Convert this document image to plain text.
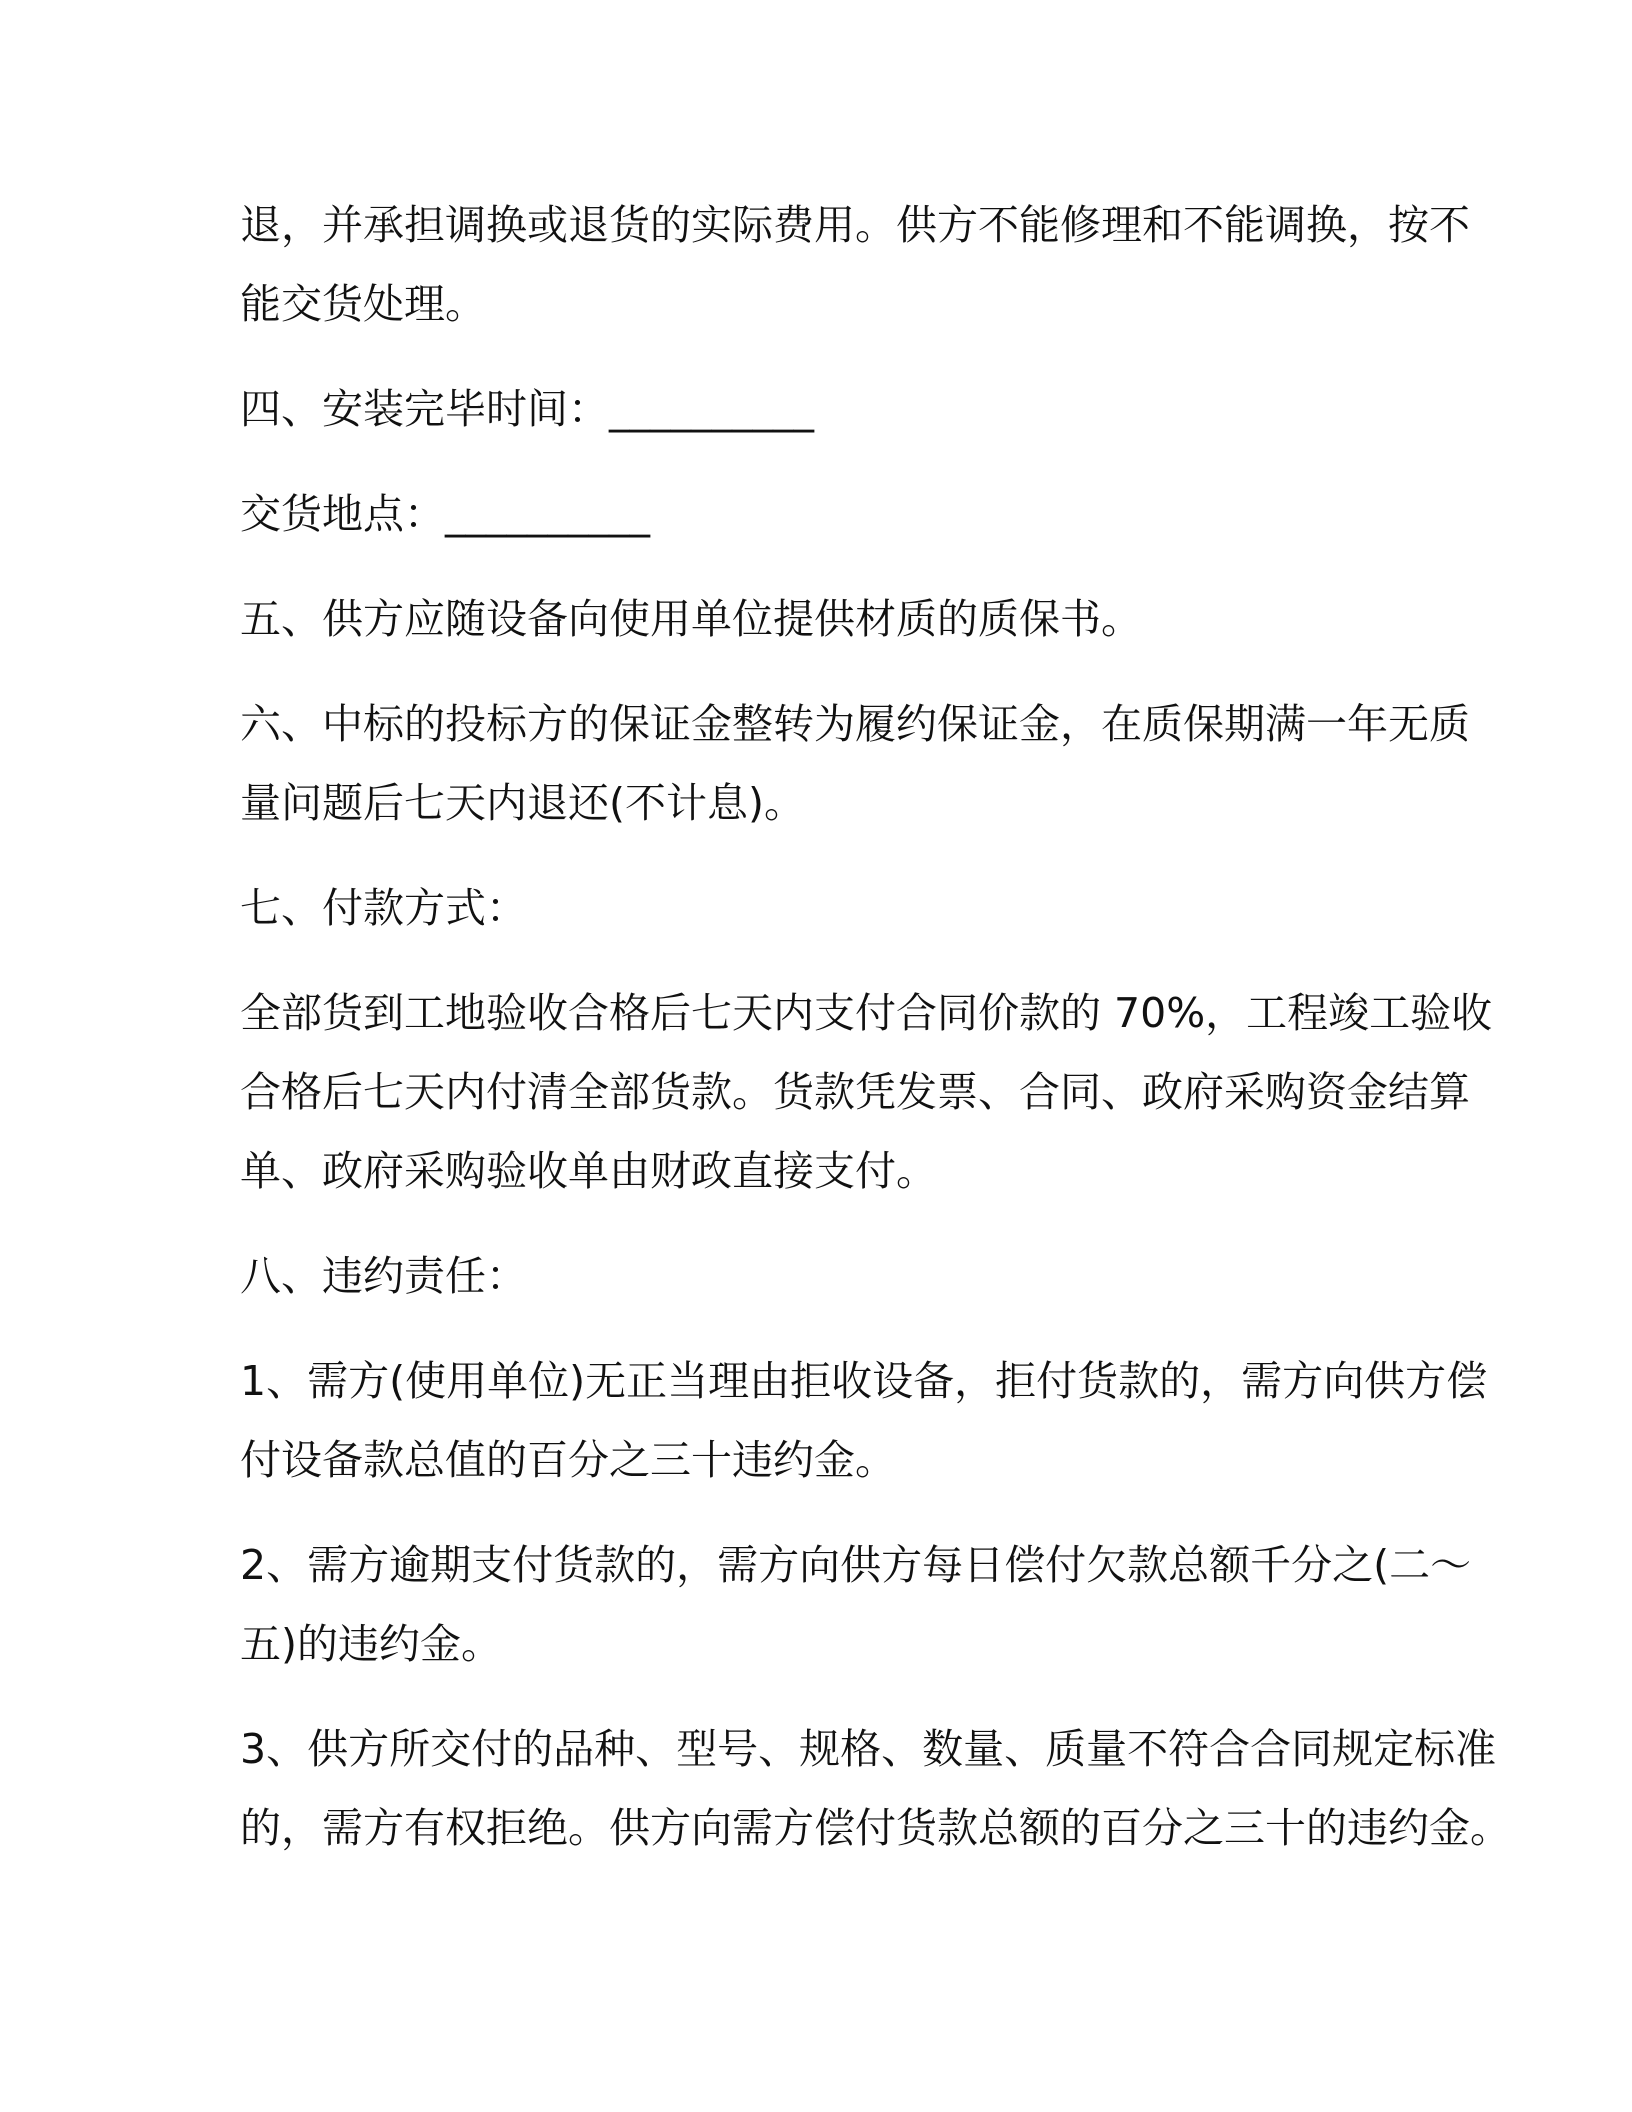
退，并承担调换或退货的实际费用。供方不能修理和不能调换，按不
能交货处理。

四、安装完毕时间：__________

交货地点：__________

五、供方应随设备向使用单位提供材质的质保书。

六、中标的投标方的保证金整转为履约保证金，在质保期满一年无质
量问题后七天内退还(不计息)。

七、付款方式：

全部货到工地验收合格后七天内支付合同价款的 70%，工程竣工验收
合格后七天内付清全部货款。货款凭发票、合同、政府采购资金结算
单、政府采购验收单由财政直接支付。

八、违约责任：

1、需方(使用单位)无正当理由拒收设备，拒付货款的，需方向供方偿
付设备款总值的百分之三十违约金。

2、需方逾期支付货款的，需方向供方每日偿付欠款总额千分之(二～
五)的违约金。

3、供方所交付的品种、型号、规格、数量、质量不符合合同规定标准
的，需方有权拒绝。供方向需方偿付货款总额的百分之三十的违约金。
